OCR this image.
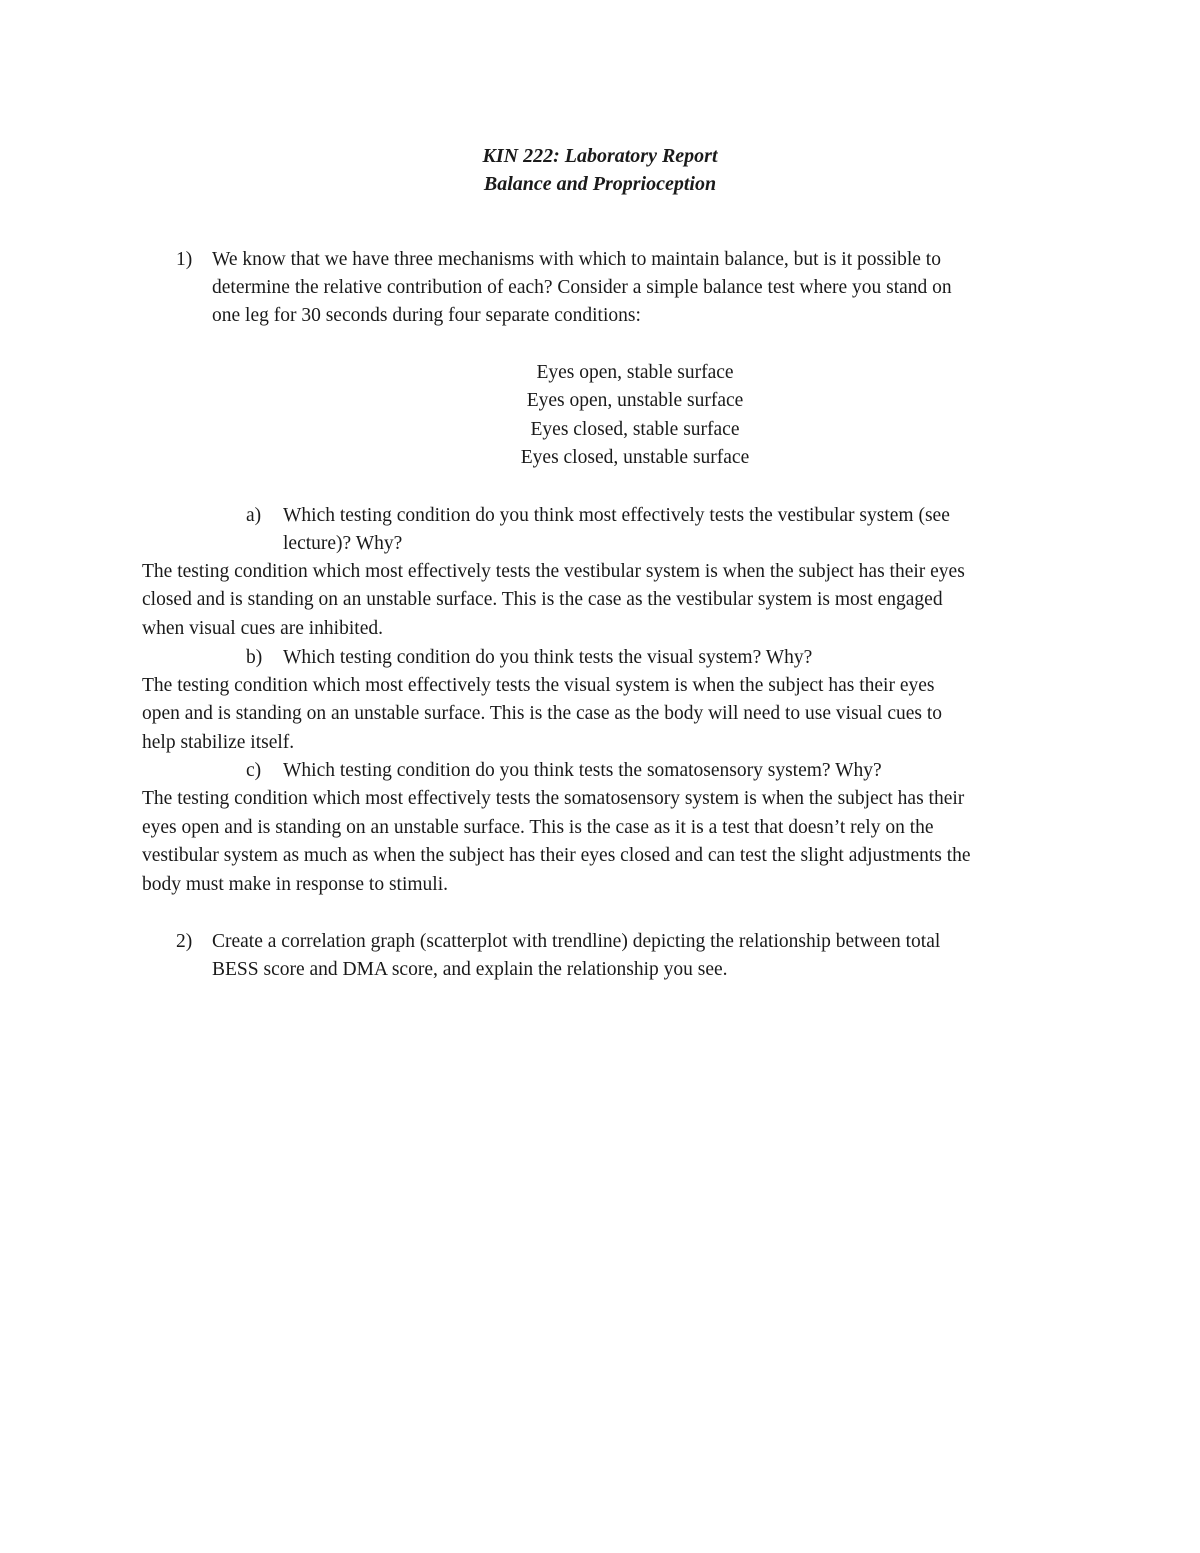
KIN 222: Laboratory Report
Balance and Proprioception
1) We know that we have three mechanisms with which to maintain balance, but is it possible to
determine the relative contribution of each? Consider a simple balance test where you stand on
one leg for 30 seconds during four separate conditions:
Eyes open, stable surface
Eyes open, unstable surface
Eyes closed, stable surface
Eyes closed, unstable surface
a) Which testing condition do you think most effectively tests the vestibular system (see
lecture)? Why?
The testing condition which most effectively tests the vestibular system is when the subject has their eyes
closed and is standing on an unstable surface. This is the case as the vestibular system is most engaged
when visual cues are inhibited.
b) Which testing condition do you think tests the visual system? Why?
The testing condition which most effectively tests the visual system is when the subject has their eyes
open and is standing on an unstable surface. This is the case as the body will need to use visual cues to
help stabilize itself.
c) Which testing condition do you think tests the somatosensory system? Why?
The testing condition which most effectively tests the somatosensory system is when the subject has their
eyes open and is standing on an unstable surface. This is the case as it is a test that doesn’t rely on the
vestibular system as much as when the subject has their eyes closed and can test the slight adjustments the
body must make in response to stimuli.
2) Create a correlation graph (scatterplot with trendline) depicting the relationship between total
BESS score and DMA score, and explain the relationship you see.
